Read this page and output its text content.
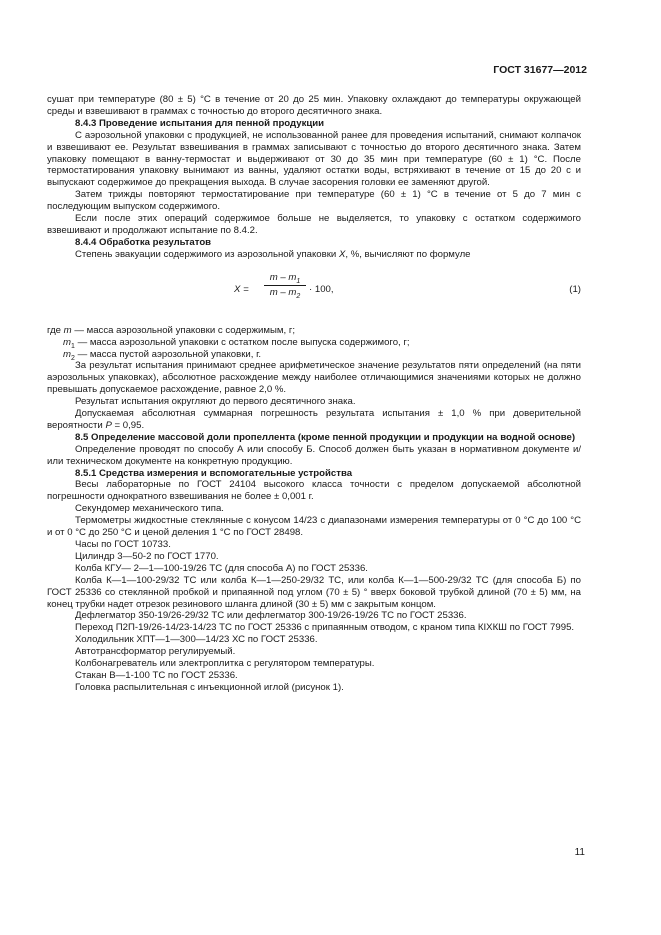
ГОСТ 31677—2012

сушат при температуре (80 ± 5) °С в течение от 20 до 25 мин. Упаковку охлаждают до температуры окружающей среды и взвешивают в граммах с точностью до второго десятичного знака.

8.4.3 Проведение испытания для пенной продукции

С аэрозольной упаковки с продукцией, не использованной ранее для проведения испытаний, снимают колпачок и взвешивают ее. Результат взвешивания в граммах записывают с точностью до второго десятичного знака. Затем упаковку помещают в ванну-термостат и выдерживают от 30 до 35 мин при температуре (60 ± 1) °С. После термостатирования упаковку вынимают из ванны, удаляют остатки воды, встряхивают в течение от 15 до 20 с и выпускают содержимое до прекращения выхода. В случае засорения головки ее заменяют другой.

Затем трижды повторяют термостатирование при температуре (60 ± 1) °С в течение от 5 до 7 мин с последующим выпуском содержимого.

Если после этих операций содержимое больше не выделяется, то упаковку с остатком содержимого взвешивают и продолжают испытание по 8.4.2.

8.4.4 Обработка результатов

Степень эвакуации содержимого из аэрозольной упаковки X, %, вычисляют по формуле

X =
m – $m_1$
m – $m_2$
· 100,	(1)

где m — масса аэрозольной упаковки с содержимым, г;

$m_1$ — масса аэрозольной упаковки с остатком после выпуска содержимого, г;

$m_2$ — масса пустой аэрозольной упаковки, г.

За результат испытания принимают среднее арифметическое значение результатов пяти определений (на пяти аэрозольных упаковках), абсолютное расхождение между наиболее отличающимися значениями которых не должно превышать допускаемое расхождение, равное 2,0 %.

Результат испытания округляют до первого десятичного знака.

Допускаемая абсолютная суммарная погрешность результата испытания ± 1,0 % при доверительной вероятности P = 0,95.

8.5 Определение массовой доли пропеллента (кроме пенной продукции и продукции на водной основе)

Определение проводят по способу А или способу Б. Способ должен быть указан в нормативном документе и/или техническом документе на конкретную продукцию.

8.5.1 Средства измерения и вспомогательные устройства

Весы лабораторные по ГОСТ 24104 высокого класса точности с пределом допускаемой абсолютной погрешности однократного взвешивания не более ± 0,001 г.

Секундомер механического типа.

Термометры жидкостные стеклянные с конусом 14/23 с диапазонами измерения температуры от 0 °С до 100 °С и от 0 °С до 250 °С и ценой деления 1 °С по ГОСТ 28498.

Часы по ГОСТ 10733.

Цилиндр 3—50-2 по ГОСТ 1770.

Колба КГУ— 2—1—100-19/26 ТС (для способа А) по ГОСТ 25336.

Колба К—1—100-29/32 ТС или колба К—1—250-29/32 ТС, или колба К—1—500-29/32 ТС (для способа Б) по ГОСТ 25336 со стеклянной пробкой и припаянной под углом (70 ± 5) ° вверх боковой трубкой длиной (70 ± 5) мм, на конец трубки надет отрезок резинового шланга длиной (30 ± 5) мм с закрытым концом.

Дефлегматор 350-19/26-29/32 ТС или дефлегматор 300-19/26-19/26 ТС по ГОСТ 25336.

Переход П2П-19/26-14/23-14/23 ТС по ГОСТ 25336 с припаянным отводом, с краном типа КІХКШ по ГОСТ 7995.

Холодильник ХПТ—1—300—14/23 ХС по ГОСТ 25336.

Автотрансформатор регулируемый.

Колбонагреватель или электроплитка с регулятором температуры.

Стакан В—1-100 ТС по ГОСТ 25336.

Головка распылительная с инъекционной иглой (рисунок 1).

11
